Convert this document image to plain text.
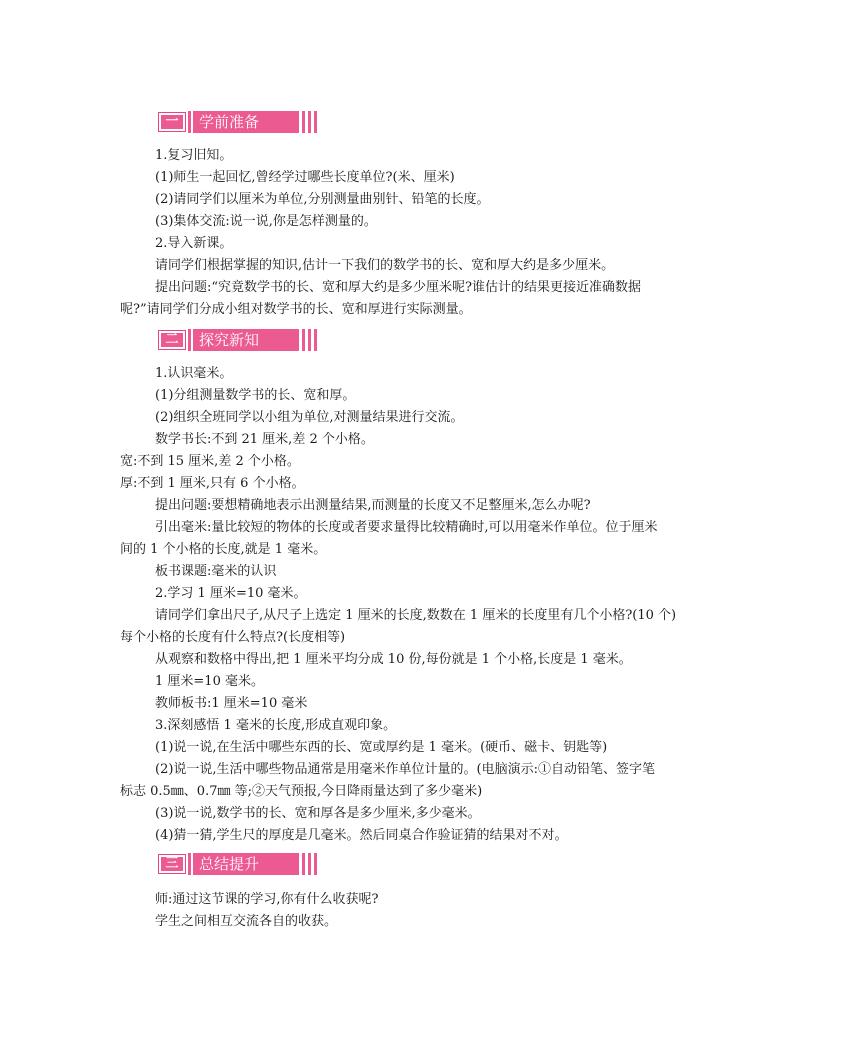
一	学前准备
1.复习旧知。
(1)师生一起回忆,曾经学过哪些长度单位?(米、厘米)
(2)请同学们以厘米为单位,分别测量曲别针、铅笔的长度。
(3)集体交流:说一说,你是怎样测量的。
2.导入新课。
请同学们根据掌握的知识,估计一下我们的数学书的长、宽和厚大约是多少厘米。
提出问题:“究竟数学书的长、宽和厚大约是多少厘米呢?谁估计的结果更接近准确数据
呢?”请同学们分成小组对数学书的长、宽和厚进行实际测量。
二	探究新知
1.认识毫米。
(1)分组测量数学书的长、宽和厚。
(2)组织全班同学以小组为单位,对测量结果进行交流。
数学书长:不到 21 厘米,差 2 个小格。
宽:不到 15 厘米,差 2 个小格。
厚:不到 1 厘米,只有 6 个小格。
提出问题:要想精确地表示出测量结果,而测量的长度又不足整厘米,怎么办呢?
引出毫米:量比较短的物体的长度或者要求量得比较精确时,可以用毫米作单位。位于厘米
间的 1 个小格的长度,就是 1 毫米。
板书课题:毫米的认识
2.学习 1 厘米=10 毫米。
请同学们拿出尺子,从尺子上选定 1 厘米的长度,数数在 1 厘米的长度里有几个小格?(10 个)
每个小格的长度有什么特点?(长度相等)
从观察和数格中得出,把 1 厘米平均分成 10 份,每份就是 1 个小格,长度是 1 毫米。
1 厘米=10 毫米。
教师板书:1 厘米=10 毫米
3.深刻感悟 1 毫米的长度,形成直观印象。
(1)说一说,在生活中哪些东西的长、宽或厚约是 1 毫米。(硬币、磁卡、钥匙等)
(2)说一说,生活中哪些物品通常是用毫米作单位计量的。(电脑演示:①自动铅笔、签字笔
标志 0.5㎜、0.7㎜ 等;②天气预报,今日降雨量达到了多少毫米)
(3)说一说,数学书的长、宽和厚各是多少厘米,多少毫米。
(4)猜一猜,学生尺的厚度是几毫米。然后同桌合作验证猜的结果对不对。
三	总结提升
师:通过这节课的学习,你有什么收获呢?
学生之间相互交流各自的收获。
